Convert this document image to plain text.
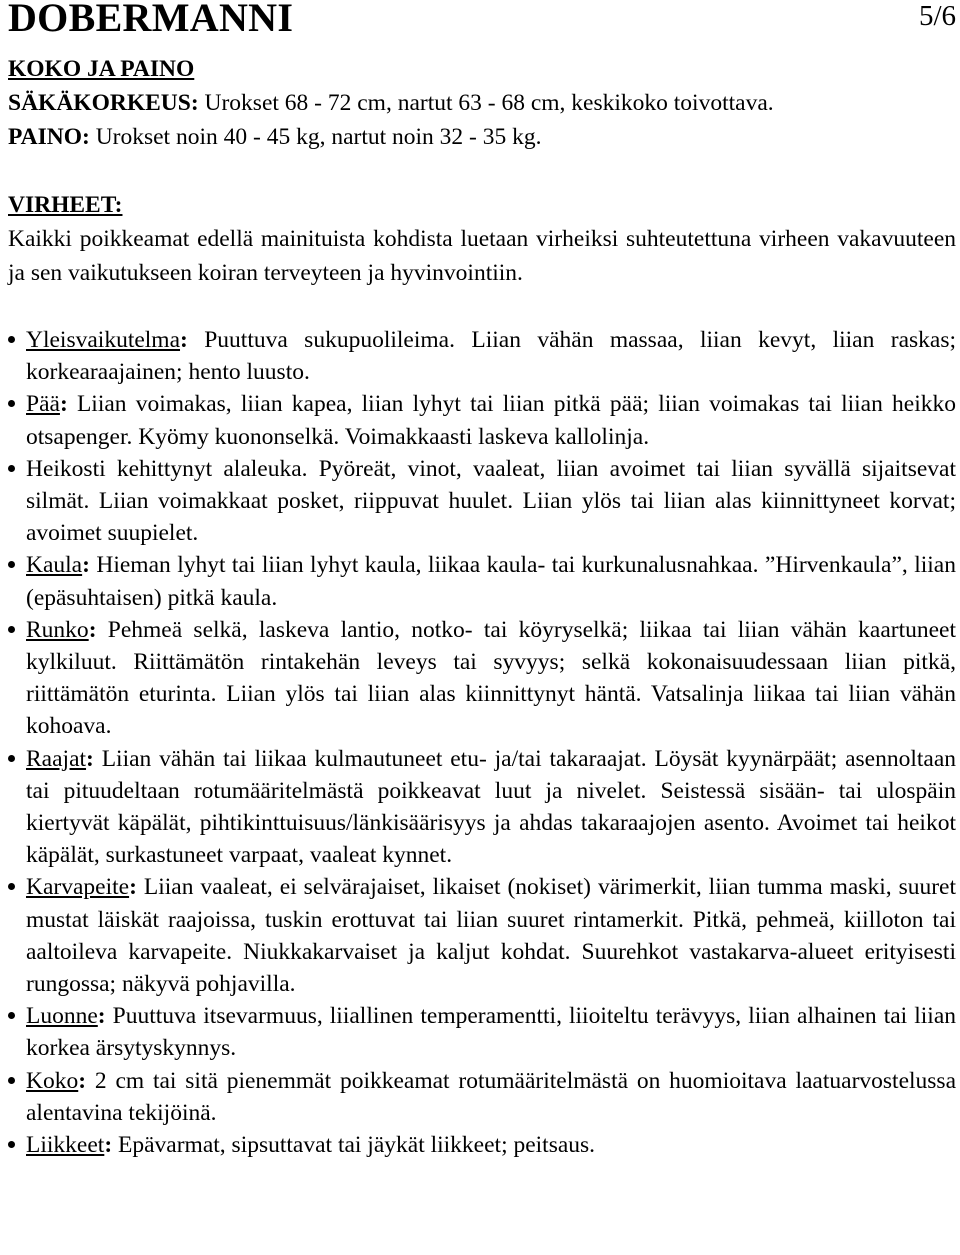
DOBERMANNI	5/6
KOKO JA PAINO
SÄKÄKORKEUS: Urokset 68 - 72 cm, nartut 63 - 68 cm, keskikoko toivottava.
PAINO: Urokset noin 40 - 45 kg, nartut noin 32 - 35 kg.
VIRHEET:
Kaikki poikkeamat edellä mainituista kohdista luetaan virheiksi suhteutettuna virheen vakavuuteen ja sen vaikutukseen koiran terveyteen ja hyvinvointiin.
Yleisvaikutelma: Puuttuva sukupuolileima. Liian vähän massaa, liian kevyt, liian raskas; korkearaajainen; hento luusto.
Pää: Liian voimakas, liian kapea, liian lyhyt tai liian pitkä pää; liian voimakas tai liian heikko otsapenger. Kyömy kuononselkä. Voimakkaasti laskeva kallolinja.
Heikosti kehittynyt alaleuka. Pyöreät, vinot, vaaleat, liian avoimet tai liian syvällä sijaitsevat silmät. Liian voimakkaat posket, riippuvat huulet. Liian ylös tai liian alas kiinnittyneet korvat; avoimet suupielet.
Kaula: Hieman lyhyt tai liian lyhyt kaula, liikaa kaula- tai kurkunalusnahkaa. ”Hirvenkaula”, liian (epäsuhtaisen) pitkä kaula.
Runko: Pehmeä selkä, laskeva lantio, notko- tai köyryselkä; liikaa tai liian vähän kaartuneet kylkiluut. Riittämätön rintakehän leveys tai syvyys; selkä kokonaisuudessaan liian pitkä, riittämätön eturinta. Liian ylös tai liian alas kiinnittynyt häntä. Vatsalinja liikaa tai liian vähän kohoava.
Raajat: Liian vähän tai liikaa kulmautuneet etu- ja/tai takaraajat. Löysät kyynärpäät; asennoltaan tai pituudeltaan rotumääritelmästä poikkeavat luut ja nivelet. Seistessä sisään- tai ulospäin kiertyvät käpälät, pihtikinttuisuus/länkisäärisyys ja ahdas takaraajojen asento. Avoimet tai heikot käpälät, surkastuneet varpaat, vaaleat kynnet.
Karvapeite: Liian vaaleat, ei selvärajaiset, likaiset (nokiset) värimerkit, liian tumma maski, suuret mustat läiskät raajoissa, tuskin erottuvat tai liian suuret rintamerkit. Pitkä, pehmeä, kiilloton tai aaltoileva karvapeite. Niukkakarvaiset ja kaljut kohdat. Suurehkot vastakarva-alueet erityisesti rungossa; näkyvä pohjavilla.
Luonne: Puuttuva itsevarmuus, liiallinen temperamentti, liioiteltu terävyys, liian alhainen tai liian korkea ärsytyskynnys.
Koko: 2 cm tai sitä pienemmät poikkeamat rotumääritelmästä on huomioitava laatuarvostelussa alentavina tekijöinä.
Liikkeet: Epävarmat, sipsuttavat tai jäykät liikkeet; peitsaus.
